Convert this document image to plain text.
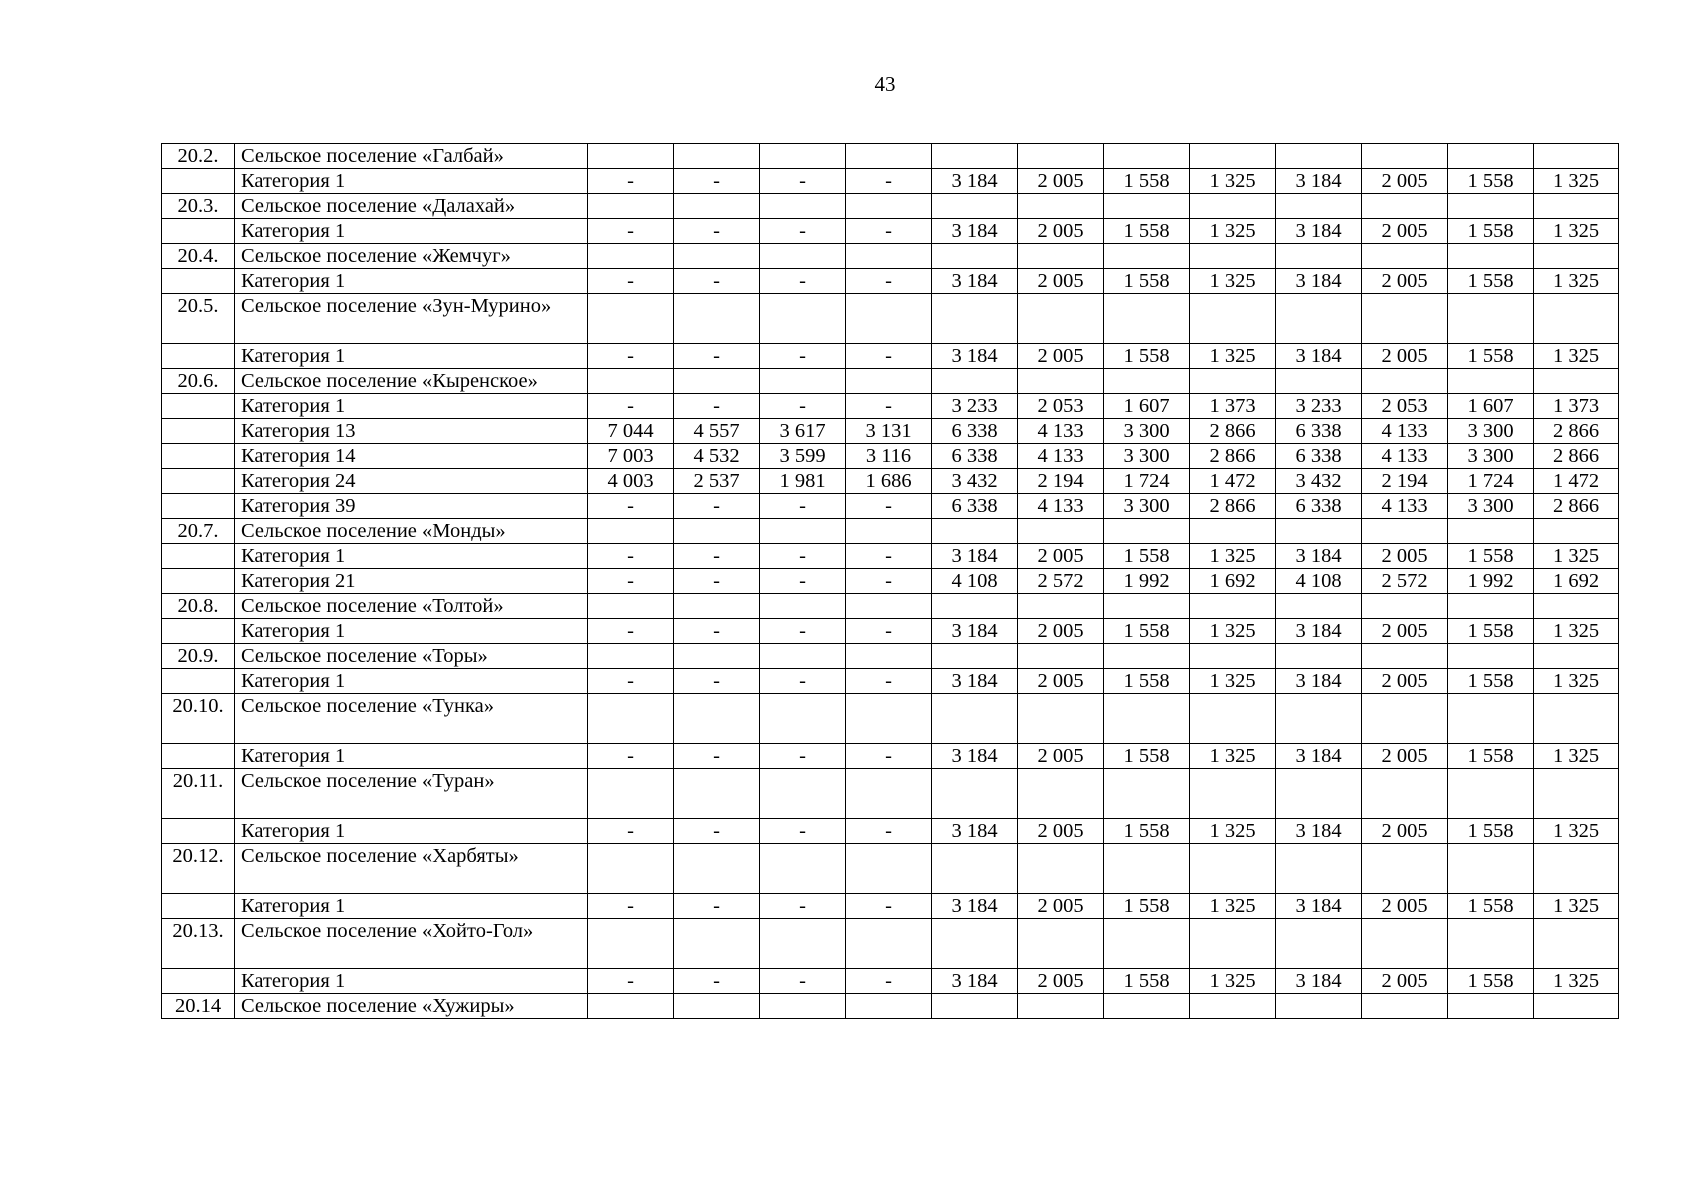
43
20.2.	Сельское поселение «Галбай»												
	Категория 1	-	-	-	-	3 184	2 005	1 558	1 325	3 184	2 005	1 558	1 325
20.3.	Сельское поселение «Далахай»												
	Категория 1	-	-	-	-	3 184	2 005	1 558	1 325	3 184	2 005	1 558	1 325
20.4.	Сельское поселение «Жемчуг»												
	Категория 1	-	-	-	-	3 184	2 005	1 558	1 325	3 184	2 005	1 558	1 325
20.5.	Сельское поселение «Зун-Мурино»												
	Категория 1	-	-	-	-	3 184	2 005	1 558	1 325	3 184	2 005	1 558	1 325
20.6.	Сельское поселение «Кыренское»												
	Категория 1	-	-	-	-	3 233	2 053	1 607	1 373	3 233	2 053	1 607	1 373
	Категория 13	7 044	4 557	3 617	3 131	6 338	4 133	3 300	2 866	6 338	4 133	3 300	2 866
	Категория 14	7 003	4 532	3 599	3 116	6 338	4 133	3 300	2 866	6 338	4 133	3 300	2 866
	Категория 24	4 003	2 537	1 981	1 686	3 432	2 194	1 724	1 472	3 432	2 194	1 724	1 472
	Категория 39	-	-	-	-	6 338	4 133	3 300	2 866	6 338	4 133	3 300	2 866
20.7.	Сельское поселение «Монды»												
	Категория 1	-	-	-	-	3 184	2 005	1 558	1 325	3 184	2 005	1 558	1 325
	Категория 21	-	-	-	-	4 108	2 572	1 992	1 692	4 108	2 572	1 992	1 692
20.8.	Сельское поселение «Толтой»												
	Категория 1	-	-	-	-	3 184	2 005	1 558	1 325	3 184	2 005	1 558	1 325
20.9.	Сельское поселение «Торы»												
	Категория 1	-	-	-	-	3 184	2 005	1 558	1 325	3 184	2 005	1 558	1 325
20.10.	Сельское поселение «Тунка»												
	Категория 1	-	-	-	-	3 184	2 005	1 558	1 325	3 184	2 005	1 558	1 325
20.11.	Сельское поселение «Туран»												
	Категория 1	-	-	-	-	3 184	2 005	1 558	1 325	3 184	2 005	1 558	1 325
20.12.	Сельское поселение «Харбяты»												
	Категория 1	-	-	-	-	3 184	2 005	1 558	1 325	3 184	2 005	1 558	1 325
20.13.	Сельское поселение «Хойто-Гол»												
	Категория 1	-	-	-	-	3 184	2 005	1 558	1 325	3 184	2 005	1 558	1 325
20.14	Сельское поселение «Хужиры»												
